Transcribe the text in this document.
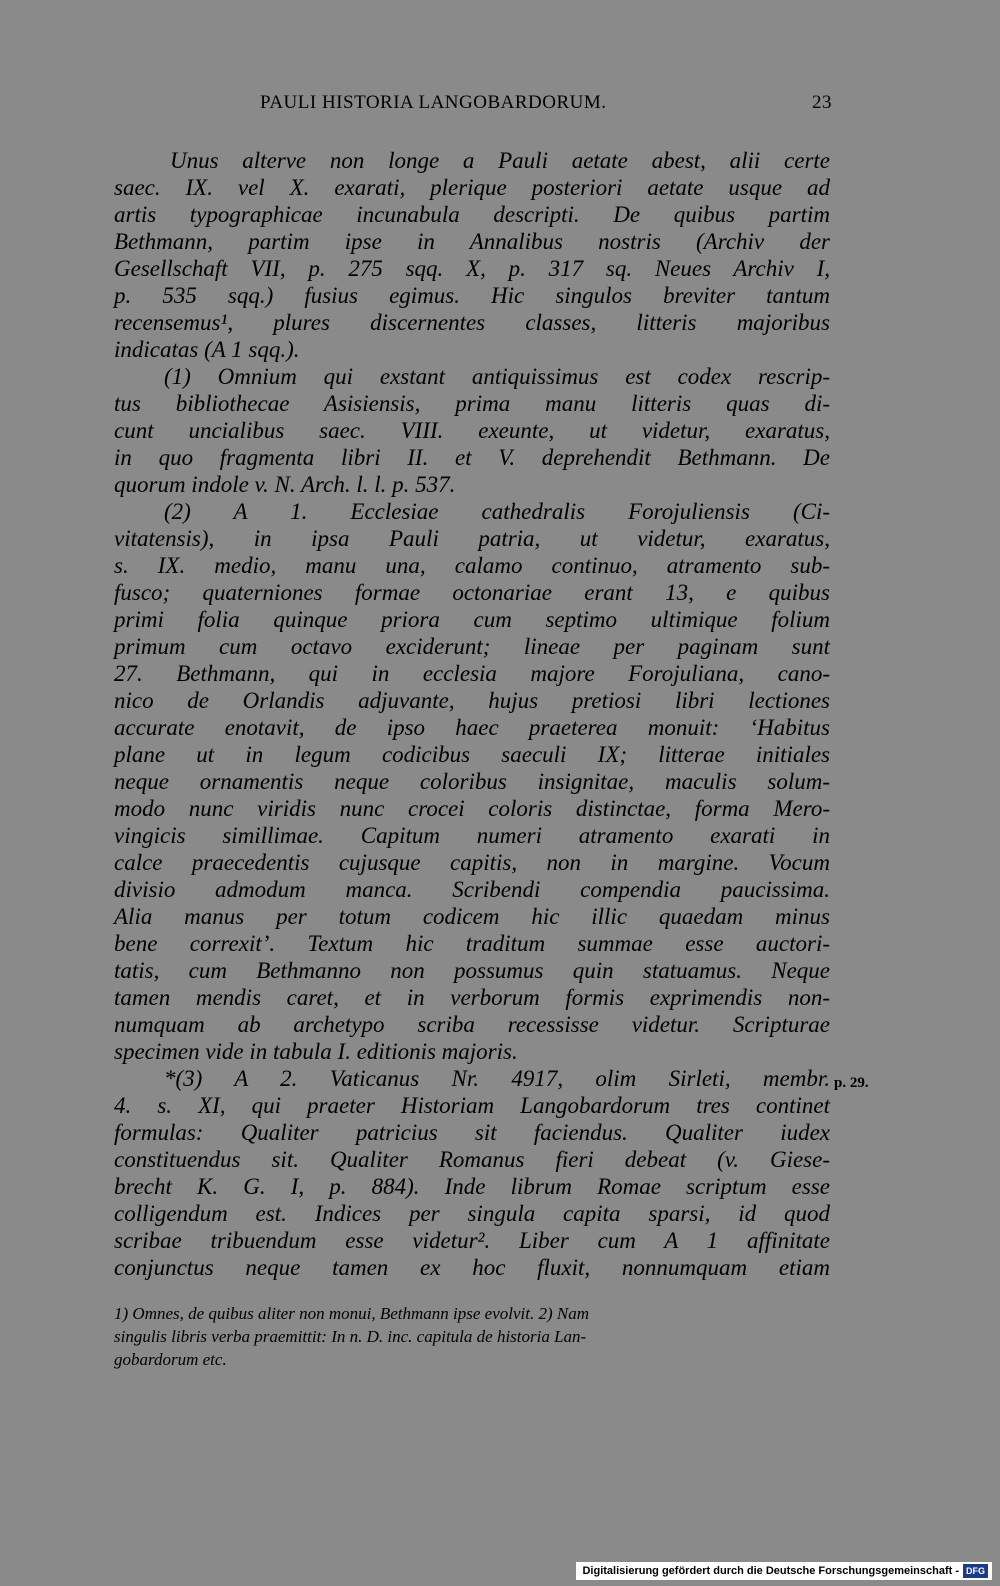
PAULI HISTORIA LANGOBARDORUM.	23
Unus alterve non longe a Pauli aetate abest, alii certe
saec. IX. vel X. exarati, plerique posteriori aetate usque ad
artis typographicae incunabula descripti. De quibus partim
Bethmann, partim ipse in Annalibus nostris (Archiv der
Gesellschaft VII, p. 275 sqq. X, p. 317 sq. Neues Archiv I,
p. 535 sqq.) fusius egimus. Hic singulos breviter tantum
recensemus¹, plures discernentes classes, litteris majoribus
indicatas (A 1 sqq.).
(1) Omnium qui exstant antiquissimus est codex rescrip-
tus bibliothecae Asisiensis, prima manu litteris quas di-
cunt uncialibus saec. VIII. exeunte, ut videtur, exaratus,
in quo fragmenta libri II. et V. deprehendit Bethmann. De
quorum indole v. N. Arch. l. l. p. 537.
(2) A 1. Ecclesiae cathedralis Forojuliensis (Ci-
vitatensis), in ipsa Pauli patria, ut videtur, exaratus,
s. IX. medio, manu una, calamo continuo, atramento sub-
fusco; quaterniones formae octonariae erant 13, e quibus
primi folia quinque priora cum septimo ultimique folium
primum cum octavo exciderunt; lineae per paginam sunt
27. Bethmann, qui in ecclesia majore Forojuliana, cano-
nico de Orlandis adjuvante, hujus pretiosi libri lectiones
accurate enotavit, de ipso haec praeterea monuit: ‘Habitus
plane ut in legum codicibus saeculi IX; litterae initiales
neque ornamentis neque coloribus insignitae, maculis solum-
modo nunc viridis nunc crocei coloris distinctae, forma Mero-
vingicis simillimae. Capitum numeri atramento exarati in
calce praecedentis cujusque capitis, non in margine. Vocum
divisio admodum manca. Scribendi compendia paucissima.
Alia manus per totum codicem hic illic quaedam minus
bene correxit’. Textum hic traditum summae esse auctori-
tatis, cum Bethmanno non possumus quin statuamus. Neque
tamen mendis caret, et in verborum formis exprimendis non-
numquam ab archetypo scriba recessisse videtur. Scripturae
specimen vide in tabula I. editionis majoris.
*(3) A 2. Vaticanus Nr. 4917, olim Sirleti, membr. p. 29.
4. s. XI, qui praeter Historiam Langobardorum tres continet
formulas: Qualiter patricius sit faciendus. Qualiter iudex
constituendus sit. Qualiter Romanus fieri debeat (v. Giese-
brecht K. G. I, p. 884). Inde librum Romae scriptum esse
colligendum est. Indices per singula capita sparsi, id quod
scribae tribuendum esse videtur². Liber cum A 1 affinitate
conjunctus neque tamen ex hoc fluxit, nonnumquam etiam
1) Omnes, de quibus aliter non monui, Bethmann ipse evolvit. 2) Nam
singulis libris verba praemittit: In n. D. inc. capitula de historia Lan-
gobardorum etc.
Digitalisierung gefördert durch die Deutsche Forschungsgemeinschaft - DFG
